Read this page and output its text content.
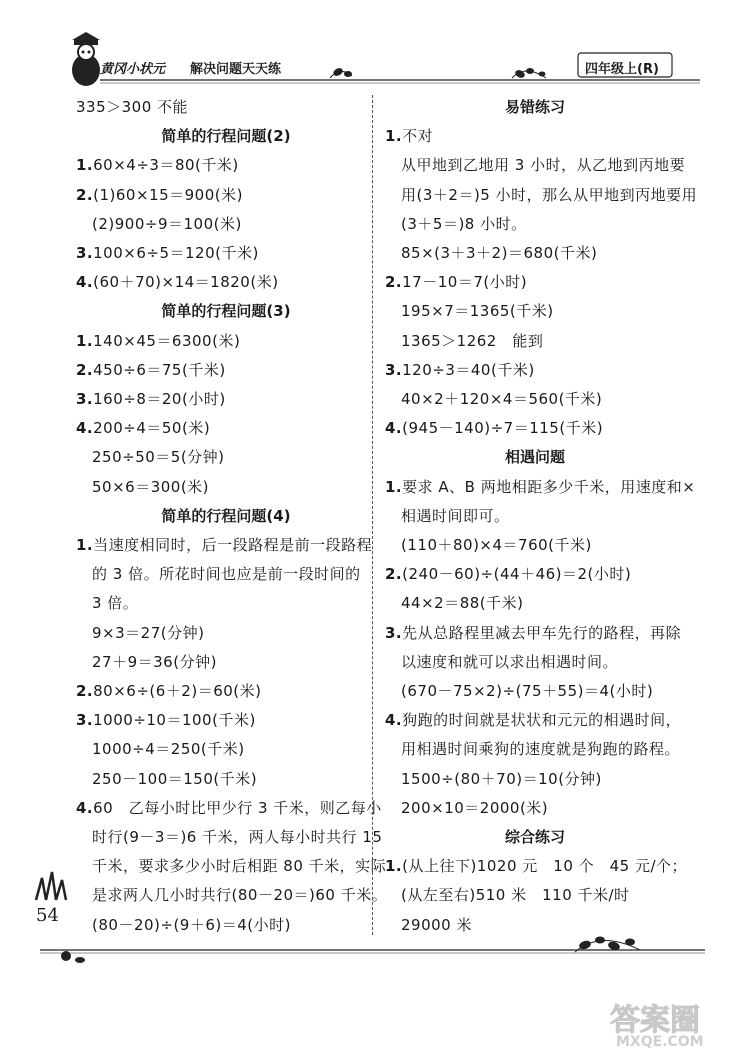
黄冈小状元 解决问题天天练	四年级上(R)
335＞300 不能
简单的行程问题(2)
1.60×4÷3＝80(千米)
2.(1)60×15＝900(米)
(2)900÷9＝100(米)
3.100×6÷5＝120(千米)
4.(60＋70)×14＝1820(米)
简单的行程问题(3)
1.140×45＝6300(米)
2.450÷6＝75(千米)
3.160÷8＝20(小时)
4.200÷4＝50(米)
250÷50＝5(分钟)
50×6＝300(米)
简单的行程问题(4)
1.当速度相同时，后一段路程是前一段路程
的 3 倍。所花时间也应是前一段时间的
3 倍。
9×3＝27(分钟)
27＋9＝36(分钟)
2.80×6÷(6＋2)＝60(米)
3.1000÷10＝100(千米)
1000÷4＝250(千米)
250－100＝150(千米)
4.60　乙每小时比甲少行 3 千米，则乙每小
时行(9－3＝)6 千米，两人每小时共行 15
千米，要求多少小时后相距 80 千米，实际
是求两人几小时共行(80－20＝)60 千米。
(80－20)÷(9＋6)＝4(小时)
易错练习
1.不对
从甲地到乙地用 3 小时，从乙地到丙地要
用(3＋2＝)5 小时，那么从甲地到丙地要用
(3＋5＝)8 小时。
85×(3＋3＋2)＝680(千米)
2.17－10＝7(小时)
195×7＝1365(千米)
1365＞1262　能到
3.120÷3＝40(千米)
40×2＋120×4＝560(千米)
4.(945－140)÷7＝115(千米)
相遇问题
1.要求 A、B 两地相距多少千米，用速度和×
相遇时间即可。
(110＋80)×4＝760(千米)
2.(240－60)÷(44＋46)＝2(小时)
44×2＝88(千米)
3.先从总路程里减去甲车先行的路程，再除
以速度和就可以求出相遇时间。
(670－75×2)÷(75＋55)＝4(小时)
4.狗跑的时间就是状状和元元的相遇时间，
用相遇时间乘狗的速度就是狗跑的路程。
1500÷(80＋70)＝10(分钟)
200×10＝2000(米)
综合练习
1.(从上往下)1020 元　10 个　45 元/个；
(从左至右)510 米　110 千米/时
29000 米
54
答案圈
MXQE.COM
